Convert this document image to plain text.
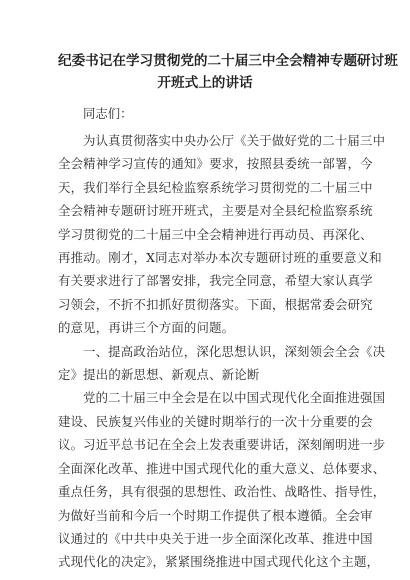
纪委书记在学习贯彻党的二十届三中全会精神专题研讨班
开班式上的讲话
同志们：

为认真贯彻落实中央办公厅《关于做好党的二十届三中
全会精神学习宣传的通知》要求，按照县委统一部署，今
天，我们举行全县纪检监察系统学习贯彻党的二十届三中
全会精神专题研讨班开班式，主要是对全县纪检监察系统
学习贯彻党的二十届三中全会精神进行再动员、再深化、
再推动。刚才，X同志对举办本次专题研讨班的重要意义和
有关要求进行了部署安排，我完全同意，希望大家认真学
习领会，不折不扣抓好贯彻落实。下面，根据常委会研究
的意见，再讲三个方面的问题。

一、提高政治站位，深化思想认识，深刻领会全会《决
定》提出的新思想、新观点、新论断

党的二十届三中全会是在以中国式现代化全面推进强国
建设、民族复兴伟业的关键时期举行的一次十分重要的会
议。习近平总书记在全会上发表重要讲话，深刻阐明进一步
全面深化改革、推进中国式现代化的重大意义、总体要求、
重点任务，具有很强的思想性、政治性、战略性、指导性，
为做好当前和今后一个时期工作提供了根本遵循。全会审
议通过的《中共中央关于进一步全面深化改革、推进中国
式现代化的决定》，紧紧围绕推进中国式现代化这个主题，
